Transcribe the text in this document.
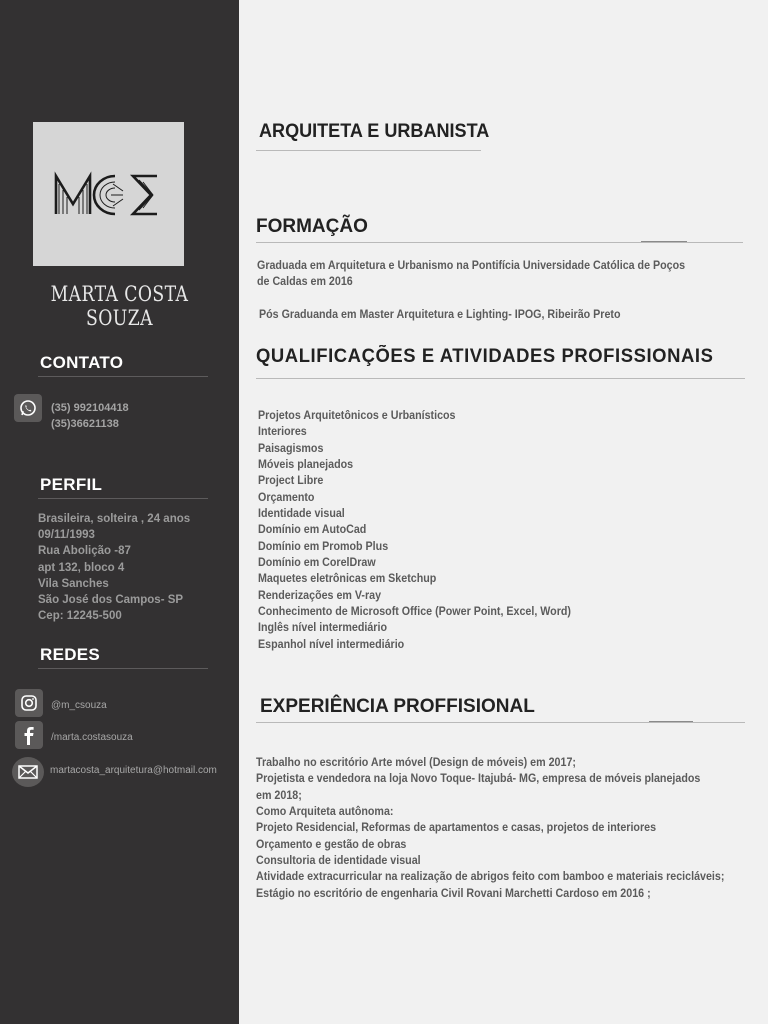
MARTA COSTA SOUZA
CONTATO
(35) 992104418
(35)36621138
PERFIL
Brasileira, solteira , 24 anos
09/11/1993
Rua Abolição -87
apt 132, bloco 4
Vila Sanches
São José dos Campos- SP
Cep: 12245-500
REDES
@m_csouza
/marta.costasouza
martacosta_arquitetura@hotmail.com
ARQUITETA E URBANISTA
FORMAÇÃO
Graduada em Arquitetura e Urbanismo na Pontifícia Universidade Católica de Poços
de Caldas em 2016
Pós Graduanda em Master Arquitetura e Lighting- IPOG, Ribeirão Preto
QUALIFICAÇÕES E ATIVIDADES PROFISSIONAIS
Projetos Arquitetônicos e Urbanísticos
Interiores
Paisagismos
Móveis planejados
Project Libre
Orçamento
Identidade visual
Domínio em AutoCad
Domínio em Promob Plus
Domínio em CorelDraw
Maquetes eletrônicas em Sketchup
Renderizações em V-ray
Conhecimento de Microsoft Office (Power Point, Excel, Word)
Inglês nível intermediário
Espanhol nível intermediário
EXPERIÊNCIA PROFFISIONAL
Trabalho no escritório Arte móvel (Design de móveis) em 2017;
Projetista e vendedora na loja Novo Toque- Itajubá- MG, empresa de móveis planejados
em 2018;
Como Arquiteta autônoma:
Projeto Residencial, Reformas de apartamentos e casas, projetos de interiores
Orçamento e gestão de obras
Consultoria de identidade visual
Atividade extracurricular na realização de abrigos feito com bamboo e materiais recicláveis;
Estágio no escritório de engenharia Civil Rovani Marchetti Cardoso em 2016 ;
